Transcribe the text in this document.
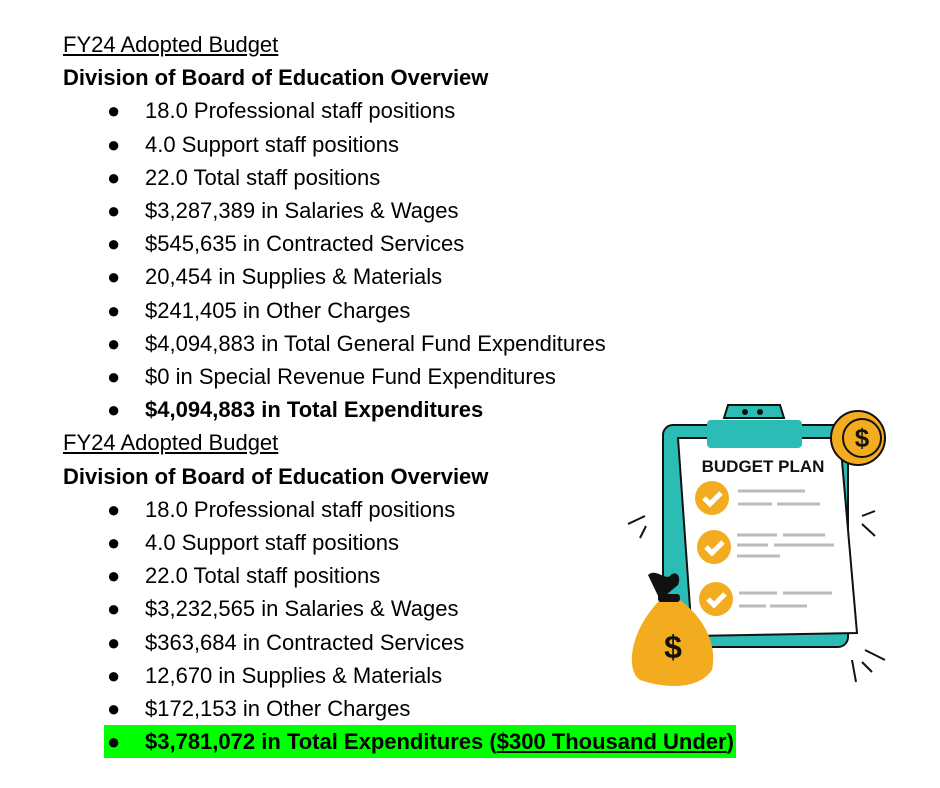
FY24 Adopted Budget
Division of Board of Education Overview
● 18.0 Professional staff positions
● 4.0 Support staff positions
● 22.0 Total staff positions
● $3,287,389 in Salaries & Wages
● $545,635 in Contracted Services
● 20,454 in Supplies & Materials
● $241,405 in Other Charges
● $4,094,883 in Total General Fund Expenditures
● $0 in Special Revenue Fund Expenditures
● $4,094,883 in Total Expenditures
FY24 Adopted Budget
Division of Board of Education Overview
● 18.0 Professional staff positions
● 4.0 Support staff positions
● 22.0 Total staff positions
● $3,232,565 in Salaries & Wages
● $363,684 in Contracted Services
● 12,670 in Supplies & Materials
● $172,153 in Other Charges
● $3,781,072 in Total Expenditures ($300 Thousand Under)
BUDGET PLAN
$
$
